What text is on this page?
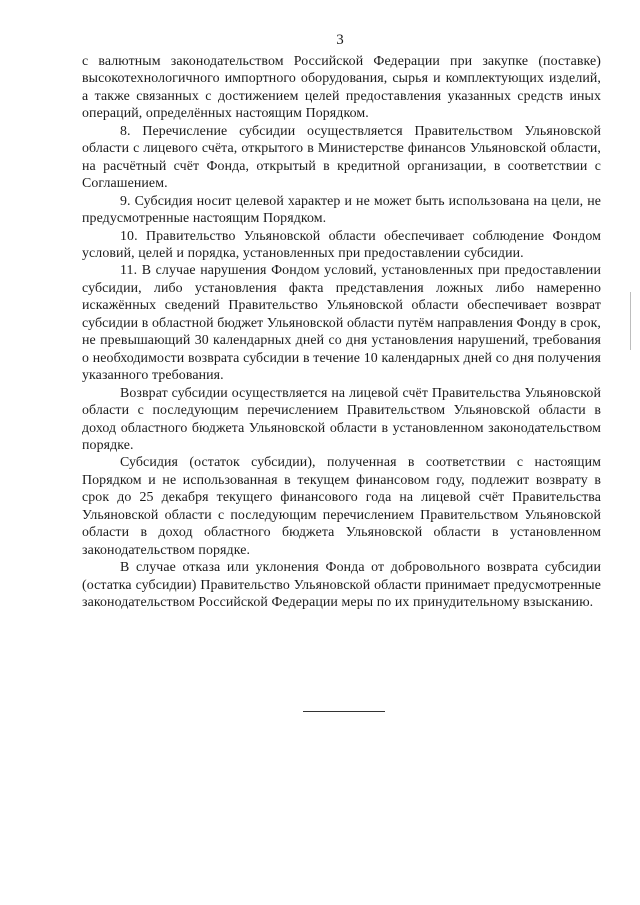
3

с валютным законодательством Российской Федерации при закупке (поставке) высокотехнологичного импортного оборудования, сырья и комплектующих изделий, а также связанных с достижением целей предоставления указанных средств иных операций, определённых настоящим Порядком.

8. Перечисление субсидии осуществляется Правительством Ульяновской области с лицевого счёта, открытого в Министерстве финансов Ульяновской области, на расчётный счёт Фонда, открытый в кредитной организации, в соответствии с Соглашением.

9. Субсидия носит целевой характер и не может быть использована на цели, не предусмотренные настоящим Порядком.

10. Правительство Ульяновской области обеспечивает соблюдение Фондом условий, целей и порядка, установленных при предоставлении субсидии.

11. В случае нарушения Фондом условий, установленных при предоставлении субсидии, либо установления факта представления ложных либо намеренно искажённых сведений Правительство Ульяновской области обеспечивает возврат субсидии в областной бюджет Ульяновской области путём направления Фонду в срок, не превышающий 30 календарных дней со дня установления нарушений, требования о необходимости возврата субсидии в течение 10 календарных дней со дня получения указанного требования.

Возврат субсидии осуществляется на лицевой счёт Правительства Ульяновской области с последующим перечислением Правительством Ульяновской области в доход областного бюджета Ульяновской области в установленном законодательством порядке.

Субсидия (остаток субсидии), полученная в соответствии с настоящим Порядком и не использованная в текущем финансовом году, подлежит возврату в срок до 25 декабря текущего финансового года на лицевой счёт Правительства Ульяновской области с последующим перечислением Правительством Ульяновской области в доход областного бюджета Ульяновской области в установленном законодательством порядке.

В случае отказа или уклонения Фонда от добровольного возврата субсидии (остатка субсидии) Правительство Ульяновской области принимает предусмотренные законодательством Российской Федерации меры по их принудительному взысканию.
